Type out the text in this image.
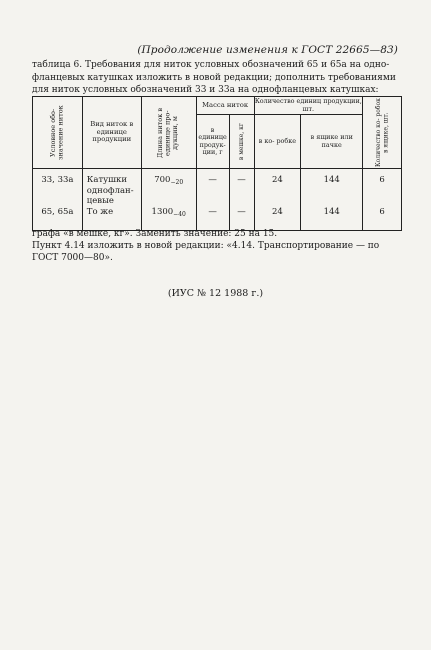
(Продолжение изменения к ГОСТ 22665—83)
таблица 6. Требования для ниток условных обозначений 65 и 65а на одно-
фланцевых катушках изложить в новой редакции; дополнить требованиями
для ниток условных обозначений 33 и 33а на однофланцевых катушках:
Условное обо- значение ниток	Вид ниток в единице продукции	Длина ниток в единице про- дукции, м	Масса ниток		Количество единиц продукции, шт.		Количество ко- робок в ящике, шт.

			в единице продук- ции, г	в мешке, кг	в ко- робке	в ящике или пачке	
33, 33а	Катушки
однофлан-
цевые	$700_{-20}$	—	—	24	144	6
65, 65а	То же	$1300_{-40}$	—	—	24	144	6
графа «в мешке, кг». Заменить значение: 25 на 15.
Пункт 4.14 изложить в новой редакции: «4.14. Транспортирование — по
ГОСТ 7000—80».
(ИУС № 12 1988 г.)
